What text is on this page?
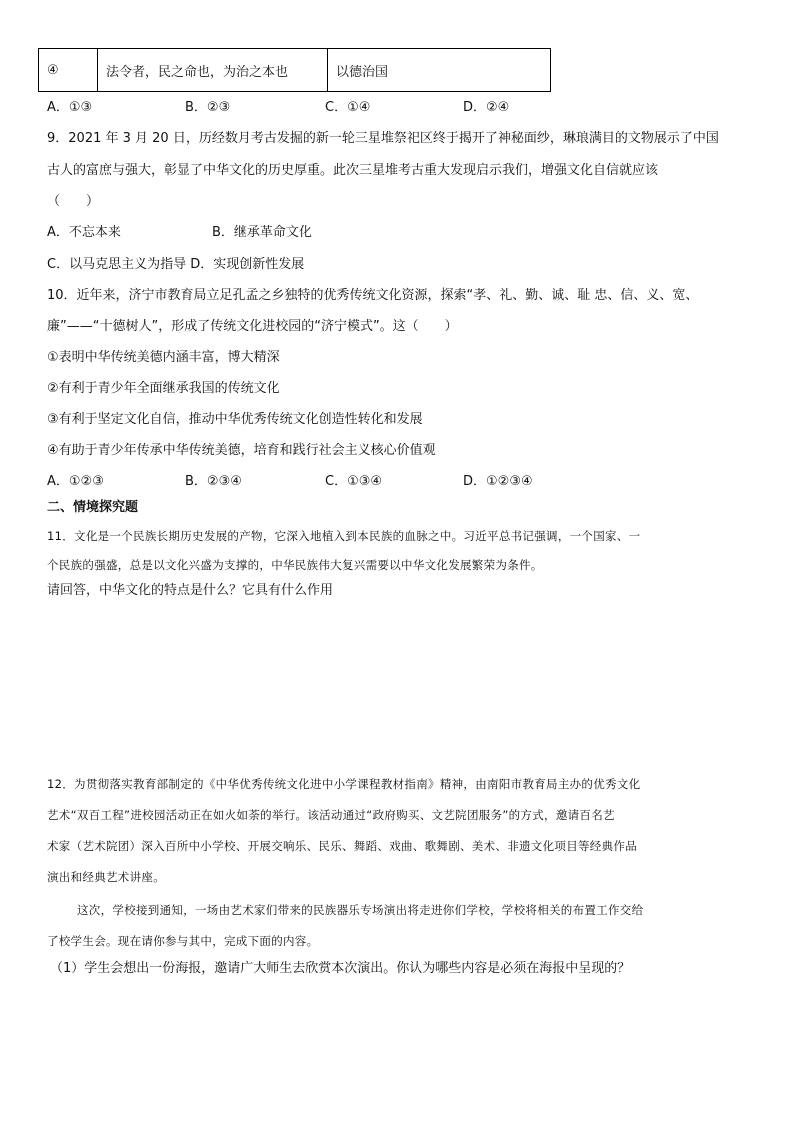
④	法令者，民之命也，为治之本也	以德治国
A．①③	B．②③	C．①④	D．②④
9．2021 年 3 月 20 日，历经数月考古发掘的新一轮三星堆祭祀区终于揭开了神秘面纱，琳琅满目的文物展示了中国
古人的富庶与强大，彰显了中华文化的历史厚重。此次三星堆考古重大发现启示我们，增强文化自信就应该
（　　）
A．不忘本来	B．继承革命文化
C．以马克思主义为指导 D．实现创新性发展
10．近年来，济宁市教育局立足孔孟之乡独特的优秀传统文化资源，探索“孝、礼、勤、诚、耻 忠、信、义、宽、
廉”——“十德树人”，形成了传统文化进校园的“济宁模式”。这（　　）
①表明中华传统美德内涵丰富，博大精深
②有利于青少年全面继承我国的传统文化
③有利于坚定文化自信，推动中华优秀传统文化创造性转化和发展
④有助于青少年传承中华传统美德，培育和践行社会主义核心价值观
A．①②③	B．②③④	C．①③④	D．①②③④
二、情境探究题
11．文化是一个民族长期历史发展的产物，它深入地植入到本民族的血脉之中。习近平总书记强调，一个国家、一
个民族的强盛，总是以文化兴盛为支撑的，中华民族伟大复兴需要以中华文化发展繁荣为条件。
请回答，中华文化的特点是什么？它具有什么作用
12．为贯彻落实教育部制定的《中华优秀传统文化进中小学课程教材指南》精神，由南阳市教育局主办的优秀文化
艺术“双百工程”进校园活动正在如火如荼的举行。该活动通过“政府购买、文艺院团服务”的方式，邀请百名艺
术家（艺术院团）深入百所中小学校、开展交响乐、民乐、舞蹈、戏曲、歌舞剧、美术、非遗文化项目等经典作品
演出和经典艺术讲座。
这次，学校接到通知，一场由艺术家们带来的民族器乐专场演出将走进你们学校，学校将相关的布置工作交给
了校学生会。现在请你参与其中，完成下面的内容。
（1）学生会想出一份海报，邀请广大师生去欣赏本次演出。你认为哪些内容是必须在海报中呈现的？
